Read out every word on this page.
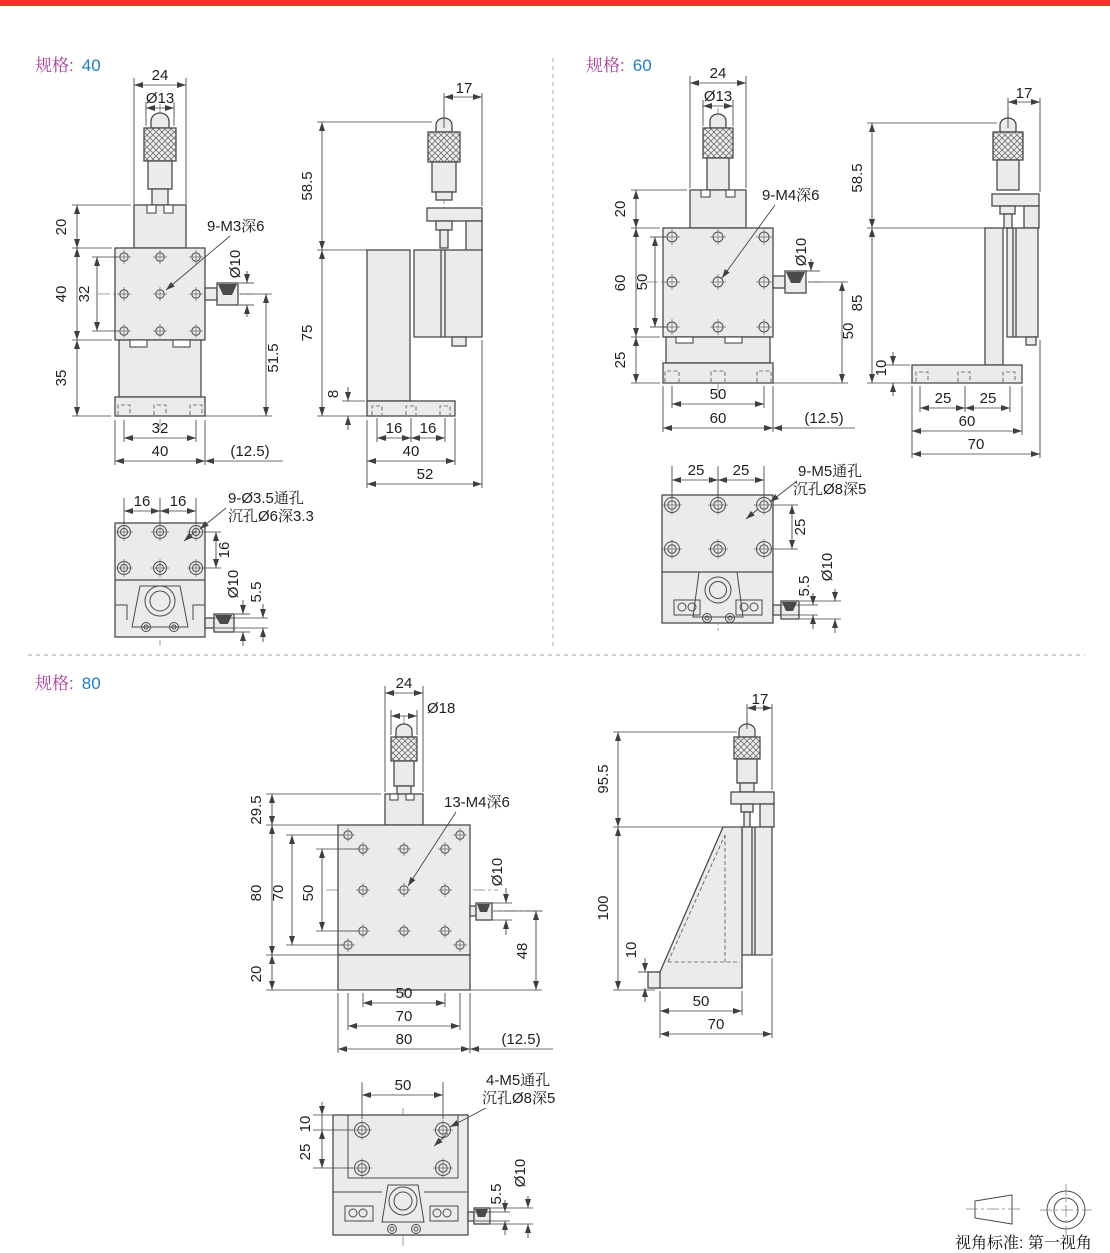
规格: 40	规格: 60
规格: 80
24
Ø13
20
40 32
35
32
40	(12.5)
Ø10
51.5
9-M3深6
17
58.5
75
8
16 16
40
52
16 16	9-Ø3.5通孔
沉孔Ø6深3.3
16
Ø10 5.5
24
Ø13
20
60 50
25
50
60	(12.5)
Ø10
50
9-M4深6
17
58.5
85
10
25 25
60
70
25 25	9-M5通孔
沉孔Ø8深5
25
5.5
Ø10
24
Ø18
29.5
80 70 50
20
50
70
80	(12.5)
Ø10
48
13-M4深6
17
95.5
100
10
50
70
50	4-M5通孔
沉孔Ø8深5
10
25
5.5
Ø10
视角标准: 第一视角
